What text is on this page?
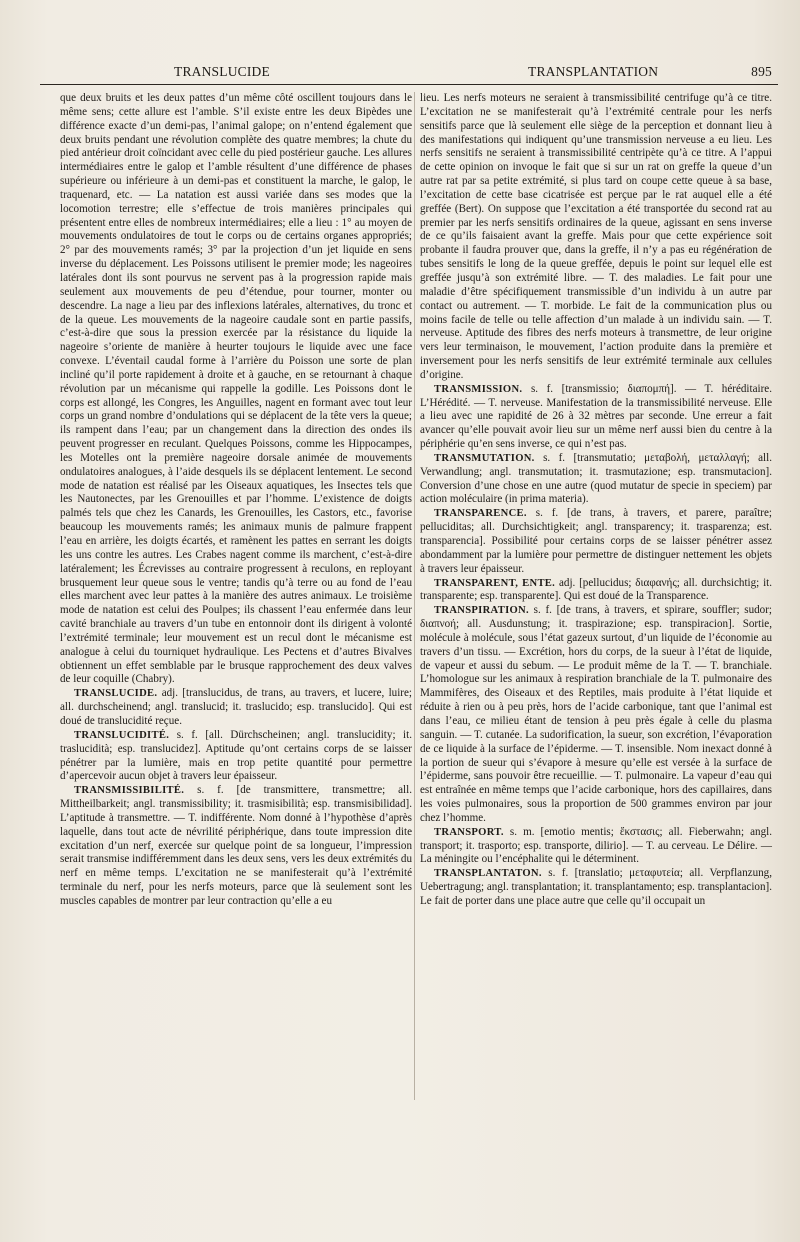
TRANSLUCIDE	TRANSPLANTATION	895

que deux bruits et les deux pattes d’un même côté oscillent toujours dans le même sens; cette allure est l’amble. S’il existe entre les deux Bipèdes une différence exacte d’un demi-pas, l’animal galope; on n’entend également que deux bruits pendant une révolution complète des quatre membres; la chute du pied antérieur droit coïncidant avec celle du pied postérieur gauche. Les allures intermédiaires entre le galop et l’amble résultent d’une différence de phases supérieure ou inférieure à un demi-pas et constituent la marche, le galop, le traquenard, etc. — La natation est aussi variée dans ses modes que la locomotion terrestre; elle s’effectue de trois manières principales qui présentent entre elles de nombreux intermédiaires; elle a lieu : 1° au moyen de mouvements ondulatoires de tout le corps ou de certains organes appropriés; 2° par des mouvements ramés; 3° par la projection d’un jet liquide en sens inverse du déplacement. Les Poissons utilisent le premier mode; les nageoires latérales dont ils sont pourvus ne servent pas à la progression rapide mais seulement aux mouvements de peu d’étendue, pour tourner, monter ou descendre. La nage a lieu par des inflexions latérales, alternatives, du tronc et de la queue. Les mouvements de la nageoire caudale sont en partie passifs, c’est-à-dire que sous la pression exercée par la résistance du liquide la nageoire s’oriente de manière à heurter toujours le liquide avec une face convexe. L’éventail caudal forme à l’arrière du Poisson une sorte de plan incliné qu’il porte rapidement à droite et à gauche, en se retournant à chaque révolution par un mécanisme qui rappelle la godille. Les Poissons dont le corps est allongé, les Congres, les Anguilles, nagent en formant avec tout leur corps un grand nombre d’ondulations qui se déplacent de la tête vers la queue; ils rampent dans l’eau; par un changement dans la direction des ondes ils peuvent progresser en reculant. Quelques Poissons, comme les Hippocampes, les Motelles ont la première nageoire dorsale animée de mouvements ondulatoires analogues, à l’aide desquels ils se déplacent lentement. Le second mode de natation est réalisé par les Oiseaux aquatiques, les Insectes tels que les Nautonectes, par les Grenouilles et par l’homme. L’existence de doigts palmés tels que chez les Canards, les Grenouilles, les Castors, etc., favorise beaucoup les mouvements ramés; les animaux munis de palmure frappent l’eau en arrière, les doigts écartés, et ramènent les pattes en serrant les doigts les uns contre les autres. Les Crabes nagent comme ils marchent, c’est-à-dire latéralement; les Écrevisses au contraire progressent à reculons, en reployant brusquement leur queue sous le ventre; tandis qu’à terre ou au fond de l’eau elles marchent avec leur pattes à la manière des autres animaux. Le troisième mode de natation est celui des Poulpes; ils chassent l’eau enfermée dans leur cavité branchiale au travers d’un tube en entonnoir dont ils dirigent à volonté l’extrémité terminale; leur mouvement est un recul dont le mécanisme est analogue à celui du tourniquet hydraulique. Les Pectens et d’autres Bivalves obtiennent un effet semblable par le brusque rapprochement des deux valves de leur coquille (Chabry).

TRANSLUCIDE. adj. [translucidus, de trans, au travers, et lucere, luire; all. durchscheinend; angl. translucid; it. traslucido; esp. translucido]. Qui est doué de translucidité reçue.

TRANSLUCIDITÉ. s. f. [all. Dürchscheinen; angl. translucidity; it. traslucidità; esp. translucidez]. Aptitude qu’ont certains corps de se laisser pénétrer par la lumière, mais en trop petite quantité pour permettre d’apercevoir aucun objet à travers leur épaisseur.

TRANSMISSIBILITÉ. s. f. [de transmittere, transmettre; all. Mittheilbarkeit; angl. transmissibility; it. trasmisibilità; esp. transmisibilidad]. L’aptitude à transmettre. — T. indifférente. Nom donné à l’hypothèse d’après laquelle, dans tout acte de névrilité périphérique, dans toute impression dite excitation d’un nerf, exercée sur quelque point de sa longueur, l’impression serait transmise indifféremment dans les deux sens, vers les deux extrémités du nerf en même temps. L’excitation ne se manifesterait qu’à l’extrémité terminale du nerf, pour les nerfs moteurs, parce que là seulement sont les muscles capables de montrer par leur contraction qu’elle a eu

lieu. Les nerfs moteurs ne seraient à transmissibilité centrifuge qu’à ce titre. L’excitation ne se manifesterait qu’à l’extrémité centrale pour les nerfs sensitifs parce que là seulement elle siège de la perception et donnant lieu à des manifestations qui indiquent qu’une transmission nerveuse a eu lieu. Les nerfs sensitifs ne seraient à transmissibilité centripète qu’à ce titre. A l’appui de cette opinion on invoque le fait que si sur un rat on greffe la queue d’un autre rat par sa petite extrémité, si plus tard on coupe cette queue à sa base, l’excitation de cette base cicatrisée est perçue par le rat auquel elle a été greffée (Bert). On suppose que l’excitation a été transportée du second rat au premier par les nerfs sensitifs ordinaires de la queue, agissant en sens inverse de ce qu’ils faisaient avant la greffe. Mais pour que cette expérience soit probante il faudra prouver que, dans la greffe, il n’y a pas eu régénération de tubes sensitifs le long de la queue greffée, depuis le point sur lequel elle est greffée jusqu’à son extrémité libre. — T. des maladies. Le fait pour une maladie d’être spécifiquement transmissible d’un individu à un autre par contact ou autrement. — T. morbide. Le fait de la communication plus ou moins facile de telle ou telle affection d’un malade à un individu sain. — T. nerveuse. Aptitude des fibres des nerfs moteurs à transmettre, de leur origine vers leur terminaison, le mouvement, l’action produite dans la première et inversement pour les nerfs sensitifs de leur extrémité terminale aux cellules d’origine.

TRANSMISSION. s. f. [transmissio; διαπομπή]. — T. héréditaire. L’Hérédité. — T. nerveuse. Manifestation de la transmissibilité nerveuse. Elle a lieu avec une rapidité de 26 à 32 mètres par seconde. Une erreur a fait avancer qu’elle pouvait avoir lieu sur un même nerf aussi bien du centre à la périphérie qu’en sens inverse, ce qui n’est pas.

TRANSMUTATION. s. f. [transmutatio; μεταβολή, μεταλλαγή; all. Verwandlung; angl. transmutation; it. trasmutazione; esp. transmutacion]. Conversion d’une chose en une autre (quod mutatur de specie in speciem) par action moléculaire (in prima materia).

TRANSPARENCE. s. f. [de trans, à travers, et parere, paraître; pelluciditas; all. Durchsichtigkeit; angl. transparency; it. trasparenza; est. transparencia]. Possibilité pour certains corps de se laisser pénétrer assez abondamment par la lumière pour permettre de distinguer nettement les objets à travers leur épaisseur.

TRANSPARENT, ENTE. adj. [pellucidus; διαφανής; all. durchsichtig; it. transparente; esp. transparente]. Qui est doué de la Transparence.

TRANSPIRATION. s. f. [de trans, à travers, et spirare, souffler; sudor; διαπνοή; all. Ausdunstung; it. traspirazione; esp. transpiracion]. Sortie, molécule à molécule, sous l’état gazeux surtout, d’un liquide de l’économie au travers d’un tissu. — Excrétion, hors du corps, de la sueur à l’état de liquide, de vapeur et aussi du sebum. — Le produit même de la T. — T. branchiale. L’homologue sur les animaux à respiration branchiale de la T. pulmonaire des Mammifères, des Oiseaux et des Reptiles, mais produite à l’état liquide et réduite à rien ou à peu près, hors de l’acide carbonique, tant que l’animal est dans l’eau, ce milieu étant de tension à peu près égale à celle du plasma sanguin. — T. cutanée. La sudorification, la sueur, son excrétion, l’évaporation de ce liquide à la surface de l’épiderme. — T. insensible. Nom inexact donné à la portion de sueur qui s’évapore à mesure qu’elle est versée à la surface de l’épiderme, sans pouvoir être recueillie. — T. pulmonaire. La vapeur d’eau qui est entraînée en même temps que l’acide carbonique, hors des capillaires, dans les voies pulmonaires, sous la proportion de 500 grammes environ par jour chez l’homme.

TRANSPORT. s. m. [emotio mentis; ἔκστασις; all. Fieberwahn; angl. transport; it. trasporto; esp. transporte, dilirio]. — T. au cerveau. Le Délire. — La méningite ou l’encéphalite qui le déterminent.

TRANSPLANTATON. s. f. [translatio; μεταφυτεία; all. Verpflanzung, Uebertragung; angl. transplantation; it. transplantamento; esp. transplantacion]. Le fait de porter dans une place autre que celle qu’il occupait un
